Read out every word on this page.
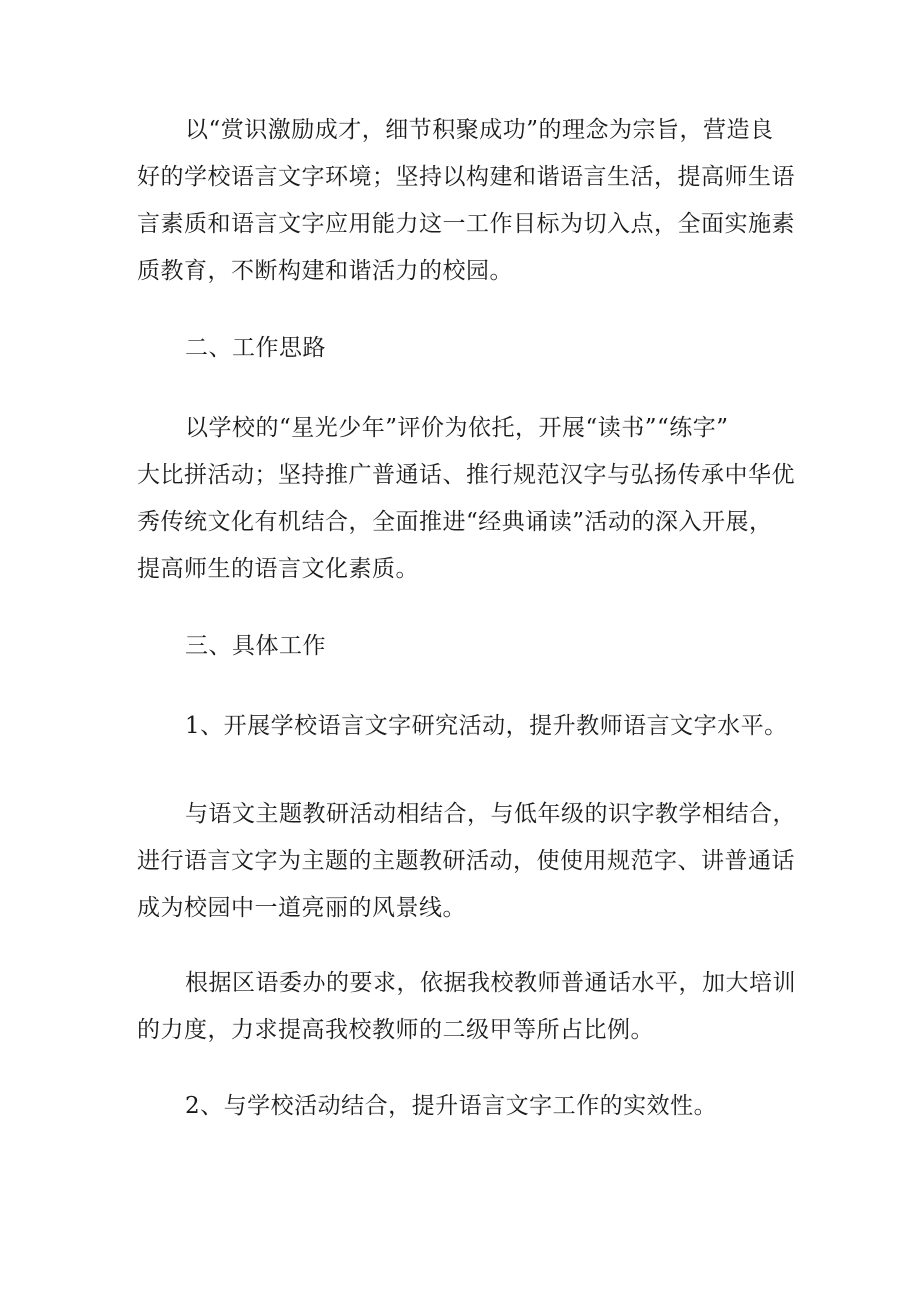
以“赏识激励成才，细节积聚成功”的理念为宗旨，营造良
好的学校语言文字环境；坚持以构建和谐语言生活，提高师生语
言素质和语言文字应用能力这一工作目标为切入点，全面实施素
质教育，不断构建和谐活力的校园。

二、工作思路

以学校的“星光少年”评价为依托，开展“读书”“练字”
大比拼活动；坚持推广普通话、推行规范汉字与弘扬传承中华优
秀传统文化有机结合，全面推进“经典诵读”活动的深入开展，
提高师生的语言文化素质。

三、具体工作

1、开展学校语言文字研究活动，提升教师语言文字水平。

与语文主题教研活动相结合，与低年级的识字教学相结合，
进行语言文字为主题的主题教研活动，使使用规范字、讲普通话
成为校园中一道亮丽的风景线。

根据区语委办的要求，依据我校教师普通话水平，加大培训
的力度，力求提高我校教师的二级甲等所占比例。

2、与学校活动结合，提升语言文字工作的实效性。
